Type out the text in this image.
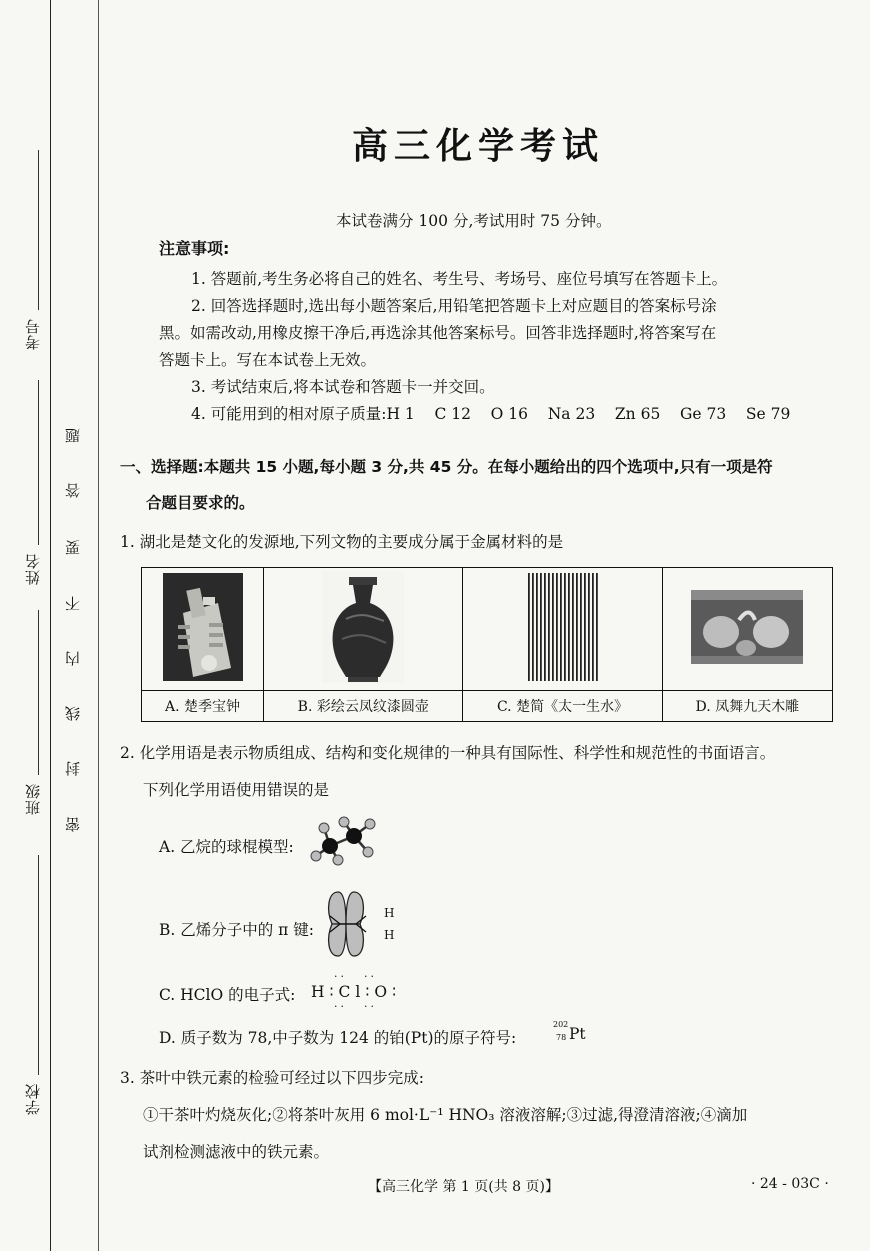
考号
姓名
班级
学校
题
答
要
不
内
线
封
密
高三化学考试
本试卷满分 100 分,考试用时 75 分钟。
注意事项:
1. 答题前,考生务必将自己的姓名、考生号、考场号、座位号填写在答题卡上。
2. 回答选择题时,选出每小题答案后,用铅笔把答题卡上对应题目的答案标号涂
黑。如需改动,用橡皮擦干净后,再选涂其他答案标号。回答非选择题时,将答案写在
答题卡上。写在本试卷上无效。
3. 考试结束后,将本试卷和答题卡一并交回。
4. 可能用到的相对原子质量:H 1    C 12    O 16    Na 23    Zn 65    Ge 73    Se 79
一、选择题:本题共 15 小题,每小题 3 分,共 45 分。在每小题给出的四个选项中,只有一项是符
合题目要求的。
1. 湖北是楚文化的发源地,下列文物的主要成分属于金属材料的是

A. 楚季宝钟	B. 彩绘云凤纹漆圆壶	C. 楚简《太一生水》	D. 凤舞九天木雕
2. 化学用语是表示物质组成、结构和变化规律的一种具有国际性、科学性和规范性的书面语言。
下列化学用语使用错误的是
A. 乙烷的球棍模型:
B. 乙烯分子中的 π 键:
H
H
C. HClO 的电子式: H∶Cl∶O∶
··  ··
··  ··
D. 质子数为 78,中子数为 124 的铂(Pt)的原子符号:
202
78 Pt
3. 茶叶中铁元素的检验可经过以下四步完成:
①干茶叶灼烧灰化;②将茶叶灰用 6 mol·L⁻¹ HNO₃ 溶液溶解;③过滤,得澄清溶液;④滴加
试剂检测滤液中的铁元素。
【高三化学 第 1 页(共 8 页)】	· 24 - 03C ·
